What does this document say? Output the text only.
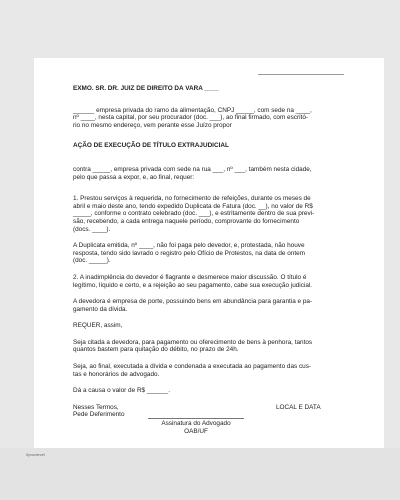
EXMO. SR. DR. JUIZ DE DIREITO DA VARA ____

______ empresa privada do ramo da alimentação, CNPJ _____, com sede na ____,

nº ____, nesta capital, por seu procurador (doc. ___), ao final firmado, com escritó-

rio no mesmo endereço, vem perante esse Juízo propor

AÇÃO DE EXECUÇÃO DE TÍTULO EXTRAJUDICIAL

contra _____, empresa privada com sede na rua ___, nº ___, também nesta cidade,

pelo que passa a expor, e, ao final, requer:

1. Prestou serviços à requerida, no fornecimento de refeições, durante os meses de

abril e maio deste ano, tendo expedido Duplicata de Fatura (doc. __), no valor de R$

_____, conforme o contrato celebrado (doc. ___), e estritamente dentro de sua previ-

são, recebendo, a cada entrega naquele período, comprovante do fornecimento

(docs. ____).

A Duplicata emitida, nº ____, não foi paga pelo devedor, e, protestada, não houve

resposta, tendo sido lavrado o registro pelo Ofício de Protestos, na data de ontem

(doc. _____).

2. A inadimplência do devedor é flagrante e desmerece maior discussão. O título é

legítimo, líquido e certo, e a rejeição ao seu pagamento, cabe sua execução judicial.

A devedora é empresa de porte, possuindo bens em abundância para garantia e pa-

gamento da dívida.

REQUER, assim,

Seja citada a devedora, para pagamento ou oferecimento de bens à penhora, tantos

quantos bastem para quitação do débito, no prazo de 24h.

Seja, ao final, executada a dívida e condenada a executada ao pagamento das cus-

tas e honorários de advogado.

Dá a causa o valor de R$ ______.

Nesses Termos,

Pede Deferimento

LOCAL E DATA

Assinatura do Advogado

OAB/UF

Ilyvonlevel
